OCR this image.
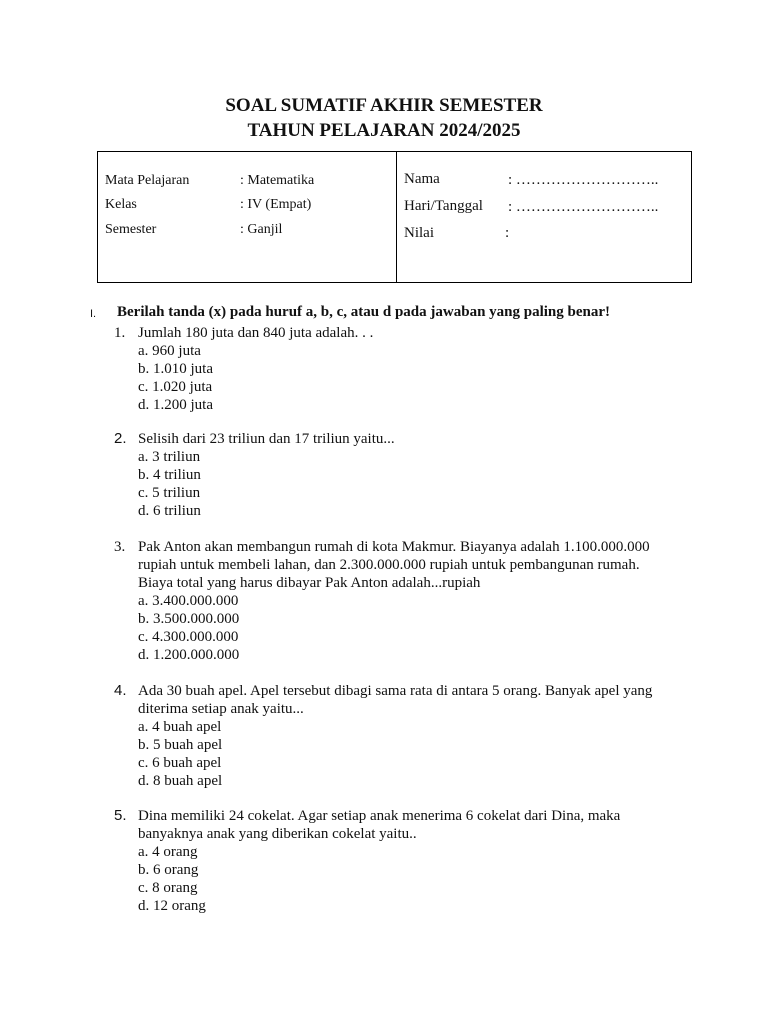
SOAL SUMATIF AKHIR SEMESTER
TAHUN PELAJARAN 2024/2025
Mata Pelajaran	: Matematika
Kelas	: IV (Empat)
Semester	: Ganjil
Nama	: ………………………..
Hari/Tanggal : ………………………..
Nilai	:
I. Berilah tanda (x) pada huruf a, b, c, atau d pada jawaban yang paling benar!
1. Jumlah 180 juta dan 840 juta adalah. . .
a. 960 juta
b. 1.010 juta
c. 1.020 juta
d. 1.200 juta
2. Selisih dari 23 triliun dan 17 triliun yaitu...
a. 3 triliun
b. 4 triliun
c. 5 triliun
d. 6 triliun
3. Pak Anton akan membangun rumah di kota Makmur. Biayanya adalah 1.100.000.000 rupiah untuk membeli lahan, dan 2.300.000.000 rupiah untuk pembangunan rumah. Biaya total yang harus dibayar Pak Anton adalah...rupiah
a. 3.400.000.000
b. 3.500.000.000
c. 4.300.000.000
d. 1.200.000.000
4. Ada 30 buah apel. Apel tersebut dibagi sama rata di antara 5 orang. Banyak apel yang diterima setiap anak yaitu...
a. 4 buah apel
b. 5 buah apel
c. 6 buah apel
d. 8 buah apel
5. Dina memiliki 24 cokelat. Agar setiap anak menerima 6 cokelat dari Dina, maka banyaknya anak yang diberikan cokelat yaitu..
a. 4 orang
b. 6 orang
c. 8 orang
d. 12 orang
